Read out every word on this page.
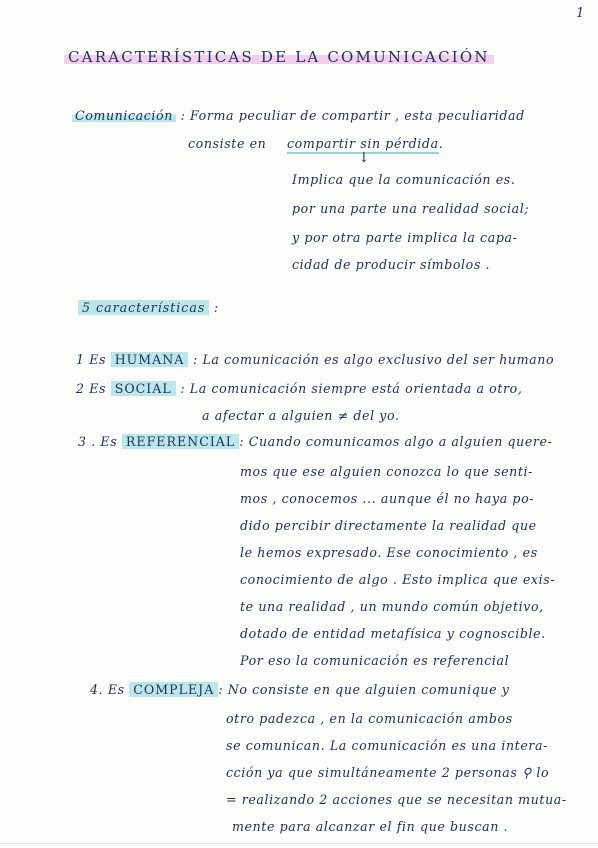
1
CARACTERÍSTICAS DE LA COMUNICACIÓN
Comunicación : Forma peculiar de compartir , esta peculiaridad
consiste en compartir sin pérdida.
↓
Implica que la comunicación es.
por una parte una realidad social;
y por otra parte implica la capa-
cidad de producir símbolos .
5 características :
1 Es HUMANA : La comunicación es algo exclusivo del ser humano
2 Es SOCIAL : La comunicación siempre está orientada a otro,
a afectar a alguien ≠ del yo.
3 . Es REFERENCIAL : Cuando comunicamos algo a alguien quere-
mos que ese alguien conozca lo que senti-
mos , conocemos ... aunque él no haya po-
dido percibir directamente la realidad que
le hemos expresado. Ese conocimiento , es
conocimiento de algo . Esto implica que exis-
te una realidad , un mundo común objetivo,
dotado de entidad metafísica y cognoscible.
Por eso la comunicación es referencial
4. Es COMPLEJA : No consiste en que alguien comunique y
otro padezca , en la comunicación ambos
se comunican. La comunicación es una intera-
cción ya que simultáneamente 2 personas ⚲ lo
= realizando 2 acciones que se necesitan mutua-
mente para alcanzar el fin que buscan .
